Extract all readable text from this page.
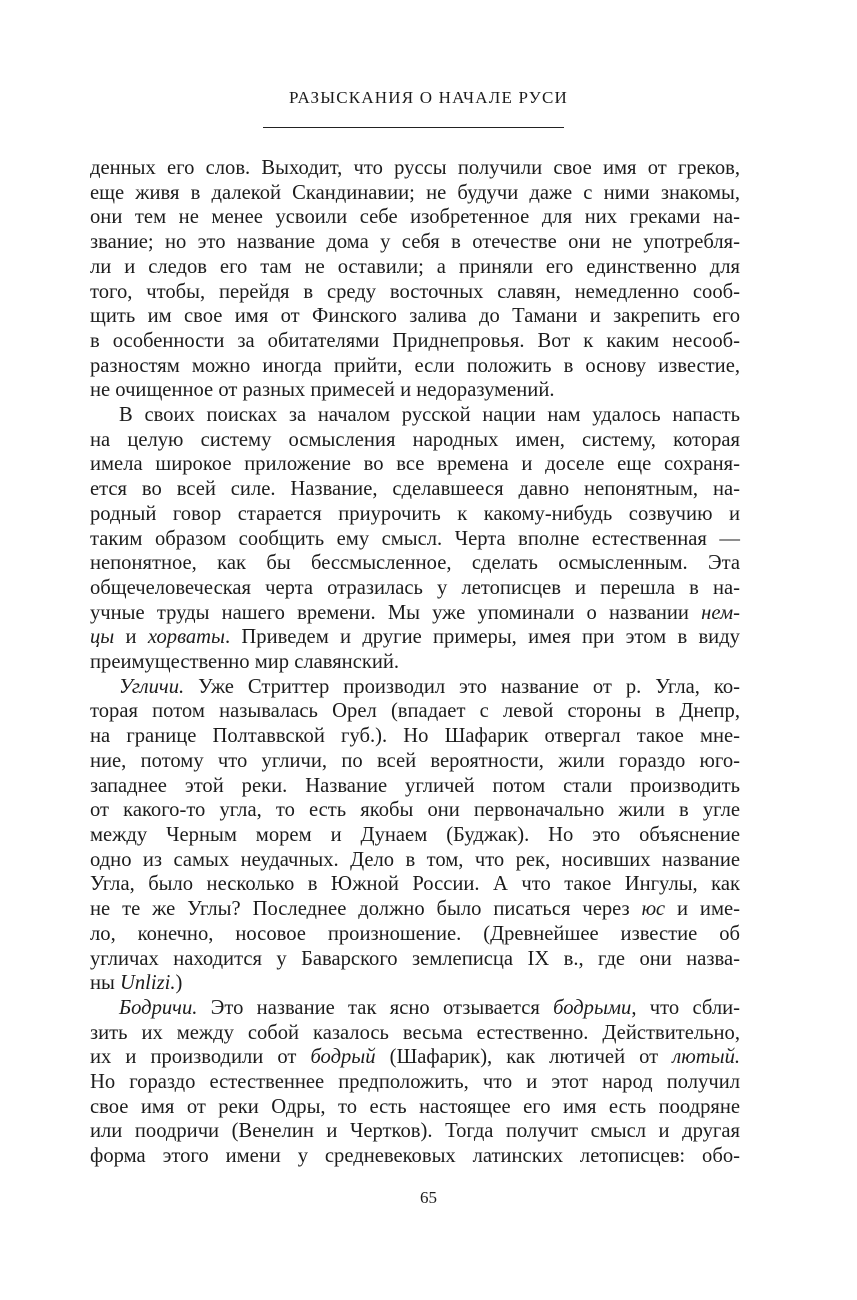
РАЗЫСКАНИЯ О НАЧАЛЕ РУСИ
денных его слов. Выходит, что руссы получили свое имя от греков,
еще живя в далекой Скандинавии; не будучи даже с ними знакомы,
они тем не менее усвоили себе изобретенное для них греками на-
звание; но это название дома у себя в отечестве они не употребля-
ли и следов его там не оставили; а приняли его единственно для
того, чтобы, перейдя в среду восточных славян, немедленно сооб-
щить им свое имя от Финского залива до Тамани и закрепить его
в особенности за обитателями Приднепровья. Вот к каким несооб-
разностям можно иногда прийти, если положить в основу известие,
не очищенное от разных примесей и недоразумений.
В своих поисках за началом русской нации нам удалось напасть
на целую систему осмысления народных имен, систему, которая
имела широкое приложение во все времена и доселе еще сохраня-
ется во всей силе. Название, сделавшееся давно непонятным, на-
родный говор старается приурочить к какому-нибудь созвучию и
таким образом сообщить ему смысл. Черта вполне естественная —
непонятное, как бы бессмысленное, сделать осмысленным. Эта
общечеловеческая черта отразилась у летописцев и перешла в на-
учные труды нашего времени. Мы уже упоминали о названии нем-
цы и хорваты. Приведем и другие примеры, имея при этом в виду
преимущественно мир славянский.
Угличи. Уже Стриттер производил это название от р. Угла, ко-
торая потом называлась Орел (впадает с левой стороны в Днепр,
на границе Полтаввской губ.). Но Шафарик отвергал такое мне-
ние, потому что угличи, по всей вероятности, жили гораздо юго-
западнее этой реки. Название угличей потом стали производить
от какого-то угла, то есть якобы они первоначально жили в угле
между Черным морем и Дунаем (Буджак). Но это объяснение
одно из самых неудачных. Дело в том, что рек, носивших название
Угла, было несколько в Южной России. А что такое Ингулы, как
не те же Углы? Последнее должно было писаться через юс и име-
ло, конечно, носовое произношение. (Древнейшее известие об
угличах находится у Баварского землеписца IX в., где они назва-
ны Unlizi.)
Бодричи. Это название так ясно отзывается бодрыми, что сбли-
зить их между собой казалось весьма естественно. Действительно,
их и производили от бодрый (Шафарик), как лютичей от лютый.
Но гораздо естественнее предположить, что и этот народ получил
свое имя от реки Одры, то есть настоящее его имя есть поодряне
или поодричи (Венелин и Чертков). Тогда получит смысл и другая
форма этого имени у средневековых латинских летописцев: обо-
65
